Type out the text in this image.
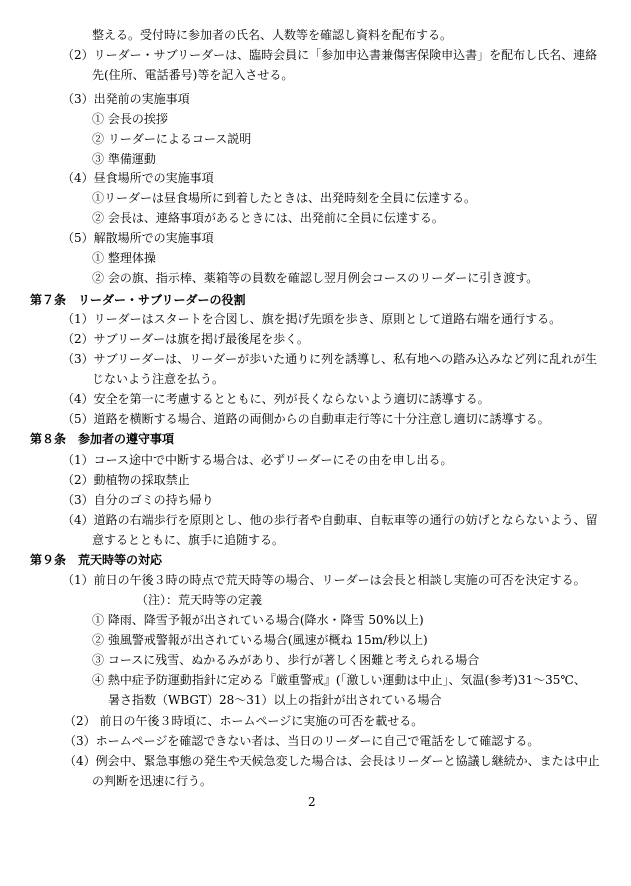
整える。受付時に参加者の氏名、人数等を確認し資料を配布する。
（2）リーダー・サブリーダーは、臨時会員に「参加申込書兼傷害保険申込書」を配布し氏名、連絡
先(住所、電話番号)等を記入させる。
（3）出発前の実施事項
① 会長の挨拶
② リーダーによるコース説明
③ 準備運動
（4）昼食場所での実施事項
①リーダーは昼食場所に到着したときは、出発時刻を全員に伝達する。
② 会長は、連絡事項があるときには、出発前に全員に伝達する。
（5）解散場所での実施事項
① 整理体操
② 会の旗、指示棒、薬箱等の員数を確認し翌月例会コースのリーダーに引き渡す。
第７条　リーダー・サブリーダーの役割
（1）リーダーはスタートを合図し、旗を掲げ先頭を歩き、原則として道路右端を通行する。
（2）サブリーダーは旗を掲げ最後尾を歩く。
（3）サブリーダーは、リーダーが歩いた通りに列を誘導し、私有地への踏み込みなど列に乱れが生
じないよう注意を払う。
（4）安全を第一に考慮するとともに、列が長くならないよう適切に誘導する。
（5）道路を横断する場合、道路の両側からの自動車走行等に十分注意し適切に誘導する。
第８条　参加者の遵守事項
（1）コース途中で中断する場合は、必ずリーダーにその由を申し出る。
（2）動植物の採取禁止
（3）自分のゴミの持ち帰り
（4）道路の右端歩行を原則とし、他の歩行者や自動車、自転車等の通行の妨げとならないよう、留
意するとともに、旗手に追随する。
第９条　荒天時等の対応
（1）前日の午後３時の時点で荒天時等の場合、リーダーは会長と相談し実施の可否を決定する。
（注）：荒天時等の定義
① 降雨、降雪予報が出されている場合(降水・降雪 50%以上)
② 強風警戒警報が出されている場合(風速が概ね 15m/秒以上)
③ コースに残雪、ぬかるみがあり、歩行が著しく困難と考えられる場合
④ 熱中症予防運動指針に定める『厳重警戒』(「激しい運動は中止」、気温(参考)31～35℃、
暑さ指数（WBGT）28～31）以上の指針が出されている場合
（2） 前日の午後３時頃に、ホームページに実施の可否を載せる。
（3）ホームページを確認できない者は、当日のリーダーに自己で電話をして確認する。
（4）例会中、緊急事態の発生や天候急変した場合は、会長はリーダーと協議し継続か、または中止
の判断を迅速に行う。
2
